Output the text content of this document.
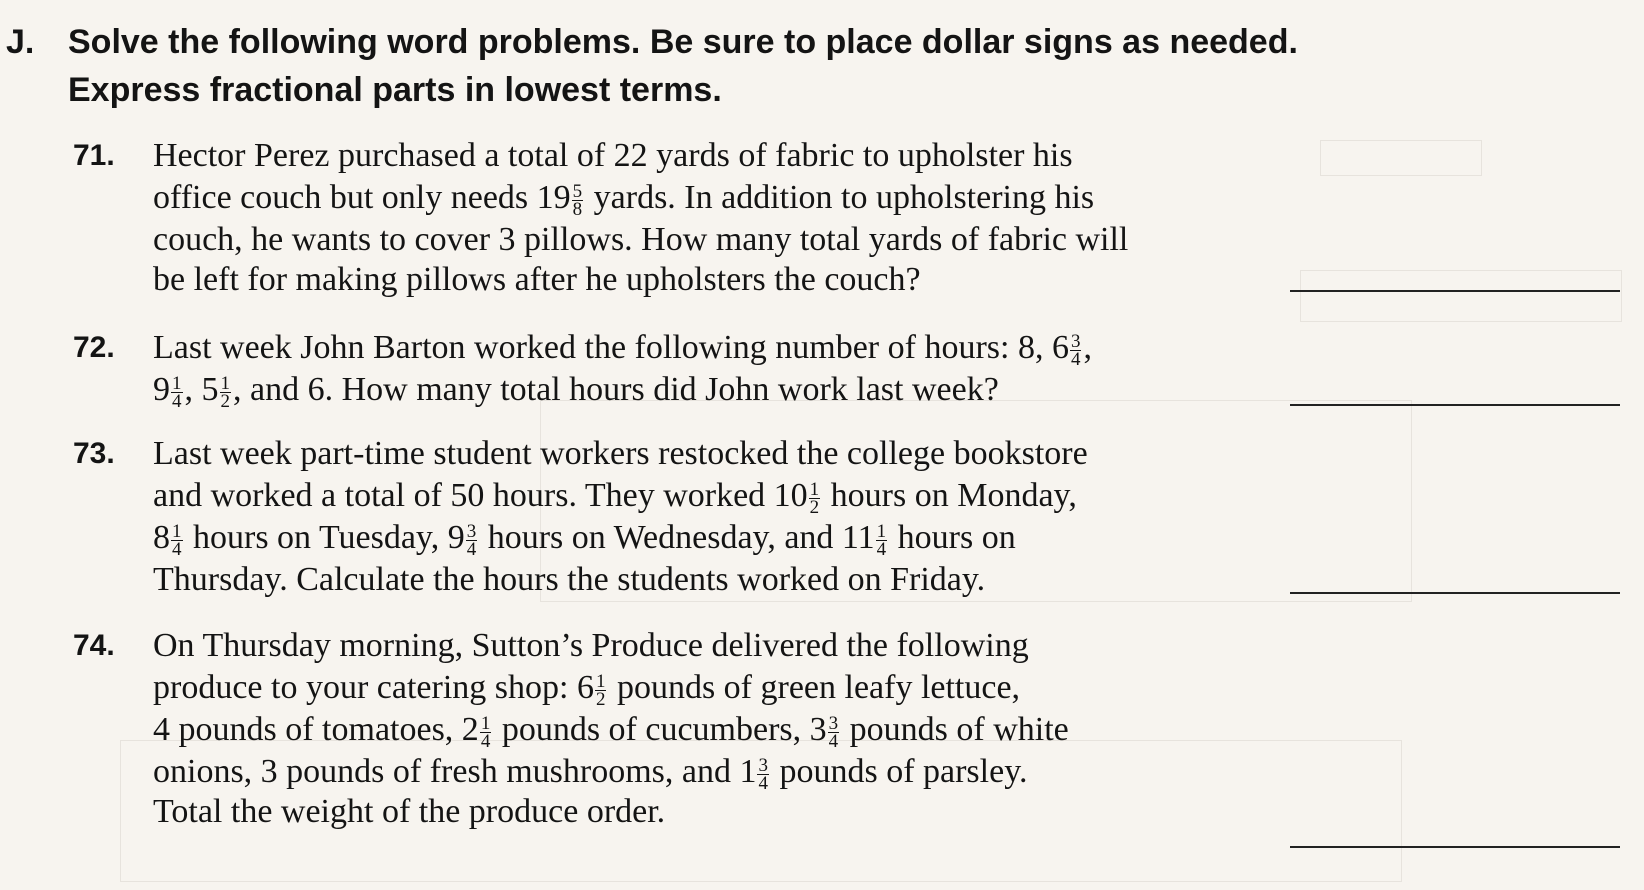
J. Solve the following word problems. Be sure to place dollar signs as needed.
Express fractional parts in lowest terms.
71. Hector Perez purchased a total of 22 yards of fabric to upholster his
office couch but only needs $19 \frac{5}{8}$ yards. In addition to upholstering his
couch, he wants to cover 3 pillows. How many total yards of fabric will
be left for making pillows after he upholsters the couch?
72. Last week John Barton worked the following number of hours: 8, $6 \frac{3}{4}$ ,
$9 \frac{1}{4}$ , $5 \frac{1}{2}$ , and 6. How many total hours did John work last week?
73. Last week part-time student workers restocked the college bookstore
and worked a total of 50 hours. They worked $10 \frac{1}{2}$ hours on Monday,
$8 \frac{1}{4}$ hours on Tuesday, $9 \frac{3}{4}$ hours on Wednesday, and $11 \frac{1}{4}$ hours on
Thursday. Calculate the hours the students worked on Friday.
74. On Thursday morning, Sutton’s Produce delivered the following
produce to your catering shop: $6 \frac{1}{2}$ pounds of green leafy lettuce,
4 pounds of tomatoes, $2 \frac{1}{4}$ pounds of cucumbers, $3 \frac{3}{4}$ pounds of white
onions, 3 pounds of fresh mushrooms, and $1 \frac{3}{4}$ pounds of parsley.
Total the weight of the produce order.
